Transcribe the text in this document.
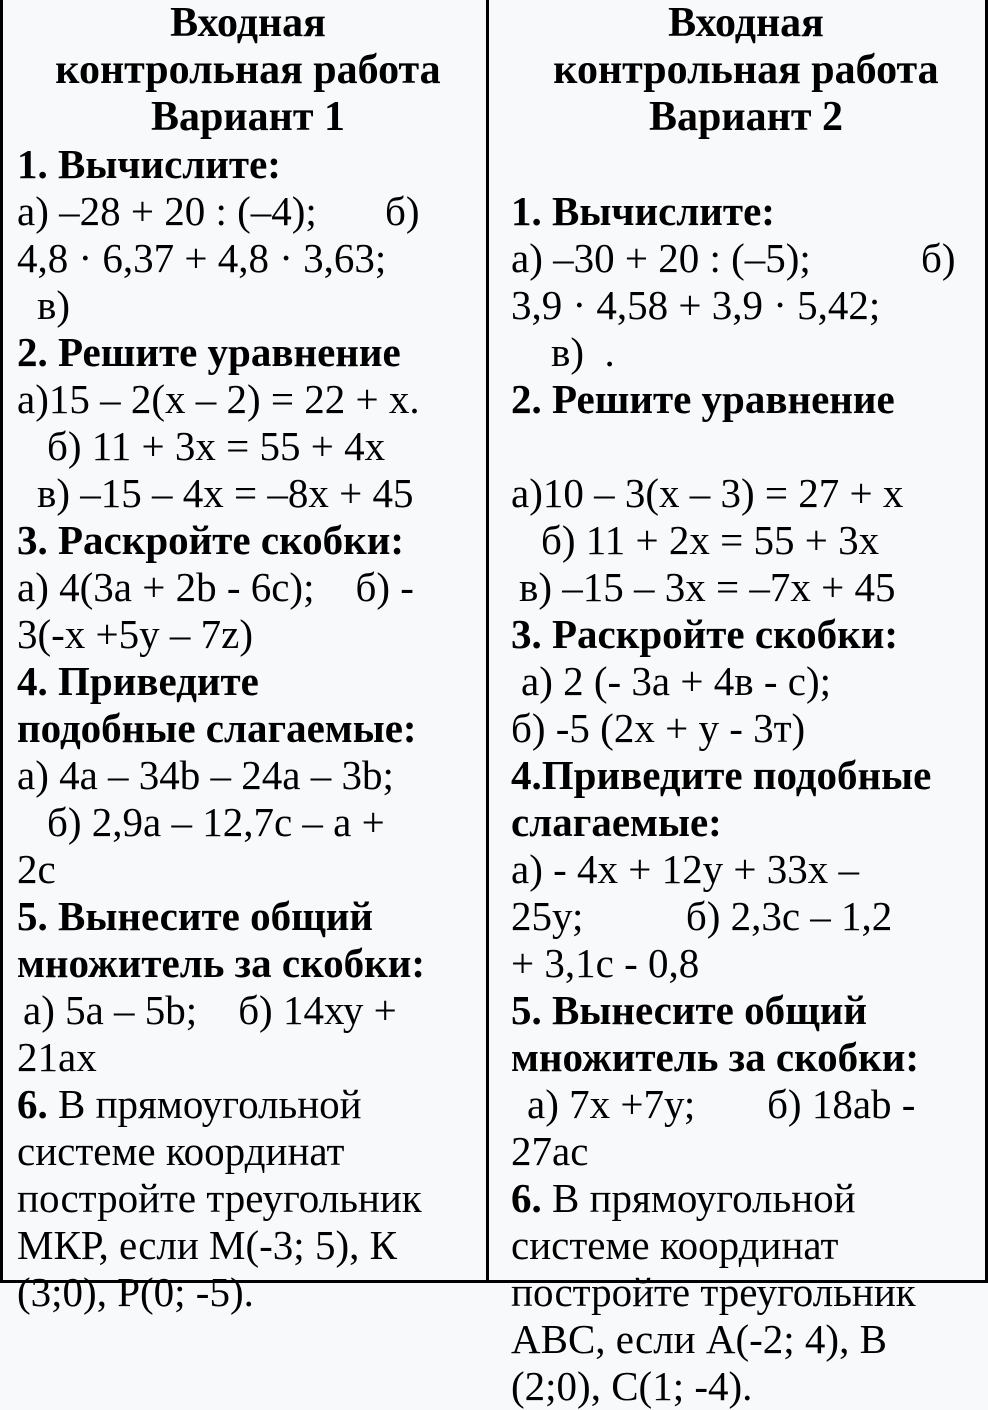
Входная
контрольная работа
Вариант 1
1. Вычислите:
а) –28 + 20 : (–4); б)
4,8 · 6,37 + 4,8 · 3,63;
в)
2. Решите уравнение
а)15 – 2(х – 2) = 22 + х.
б) 11 + 3х = 55 + 4х
в) –15 – 4х = –8х + 45
3. Раскройте скобки:
а) 4(3а + 2b - 6c);    б) -
3(-х +5у – 7z)
4. Приведите
подобные слагаемые:
а) 4а – 34b – 24а – 3b;
б) 2,9а – 12,7с – а +
2с
5. Вынесите общий
множитель за скобки:
а) 5а – 5b;    б) 14ху +
21ах
6. В прямоугольной
системе координат
постройте треугольник
МКР, если М(-3; 5), К
(3;0), Р(0; -5).
Входная
контрольная работа
Вариант 2
1. Вычислите:
а) –30 + 20 : (–5);	б)
3,9 · 4,58 + 3,9 · 5,42;
в)  .
2. Решите уравнение
а)10 – 3(х – 3) = 27 + х
б) 11 + 2х = 55 + 3х
в) –15 – 3х = –7х + 45
3. Раскройте скобки:
а) 2 (- 3а + 4в - с);
б) -5 (2х + у - 3т)
4.Приведите подобные
слагаемые:
а) - 4х + 12у + 33х –
25у;          б) 2,3с – 1,2
+ 3,1с - 0,8
5. Вынесите общий
множитель за скобки:
а) 7х +7у;       б) 18аb -
27ас
6. В прямоугольной
системе координат
постройте треугольник
АВС, если А(-2; 4), В
(2;0), С(1; -4).
